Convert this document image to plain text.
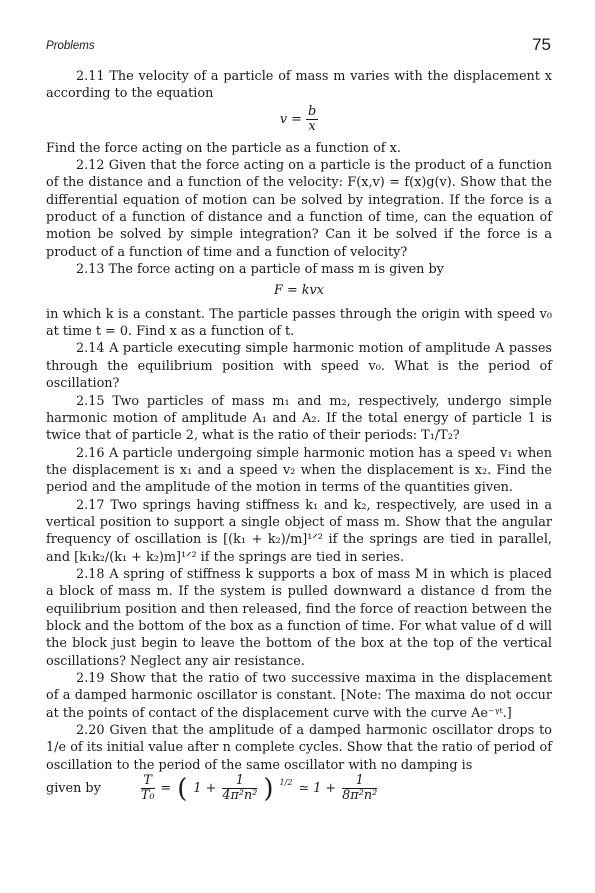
Problems	75

2.11 The velocity of a particle of mass m varies with the displacement x according to the equation

$v = \frac{b}{x}$

Find the force acting on the particle as a function of x.

2.12 Given that the force acting on a particle is the product of a function of the distance and a function of the velocity: F(x,v) = f(x)g(v). Show that the differential equation of motion can be solved by integration. If the force is a product of a function of distance and a function of time, can the equation of motion be solved by simple integration? Can it be solved if the force is a product of a function of time and a function of velocity?

2.13 The force acting on a particle of mass m is given by

F = kvx

in which k is a constant. The particle passes through the origin with speed v₀ at time t = 0. Find x as a function of t.

2.14 A particle executing simple harmonic motion of amplitude A passes through the equilibrium position with speed v₀. What is the period of oscillation?

2.15 Two particles of mass m₁ and m₂, respectively, undergo simple harmonic motion of amplitude A₁ and A₂. If the total energy of particle 1 is twice that of particle 2, what is the ratio of their periods: T₁/T₂?

2.16 A particle undergoing simple harmonic motion has a speed v₁ when the displacement is x₁ and a speed v₂ when the displacement is x₂. Find the period and the amplitude of the motion in terms of the quantities given.

2.17 Two springs having stiffness k₁ and k₂, respectively, are used in a vertical position to support a single object of mass m. Show that the angular frequency of oscillation is [(k₁ + k₂)/m]¹ᐟ² if the springs are tied in parallel, and [k₁k₂/(k₁ + k₂)m]¹ᐟ² if the springs are tied in series.

2.18 A spring of stiffness k supports a box of mass M in which is placed a block of mass m. If the system is pulled downward a distance d from the equilibrium position and then released, find the force of reaction between the block and the bottom of the box as a function of time. For what value of d will the block just begin to leave the bottom of the box at the top of the vertical oscillations? Neglect any air resistance.

2.19 Show that the ratio of two successive maxima in the displacement of a damped harmonic oscillator is constant. [Note: The maxima do not occur at the points of contact of the displacement curve with the curve Ae⁻ᵞᵗ.]

2.20 Given that the amplitude of a damped harmonic oscillator drops to 1/e of its initial value after n complete cycles. Show that the ratio of period of oscillation to the period of the same oscillator with no damping is

given by	$\frac{T}{\text{T₀}}$ = ( $1 + \frac{1}{\text{4π²n²}}$ ) $^{1/2}$ ≃ $1 + \frac{1}{\text{8π²n²}}$
